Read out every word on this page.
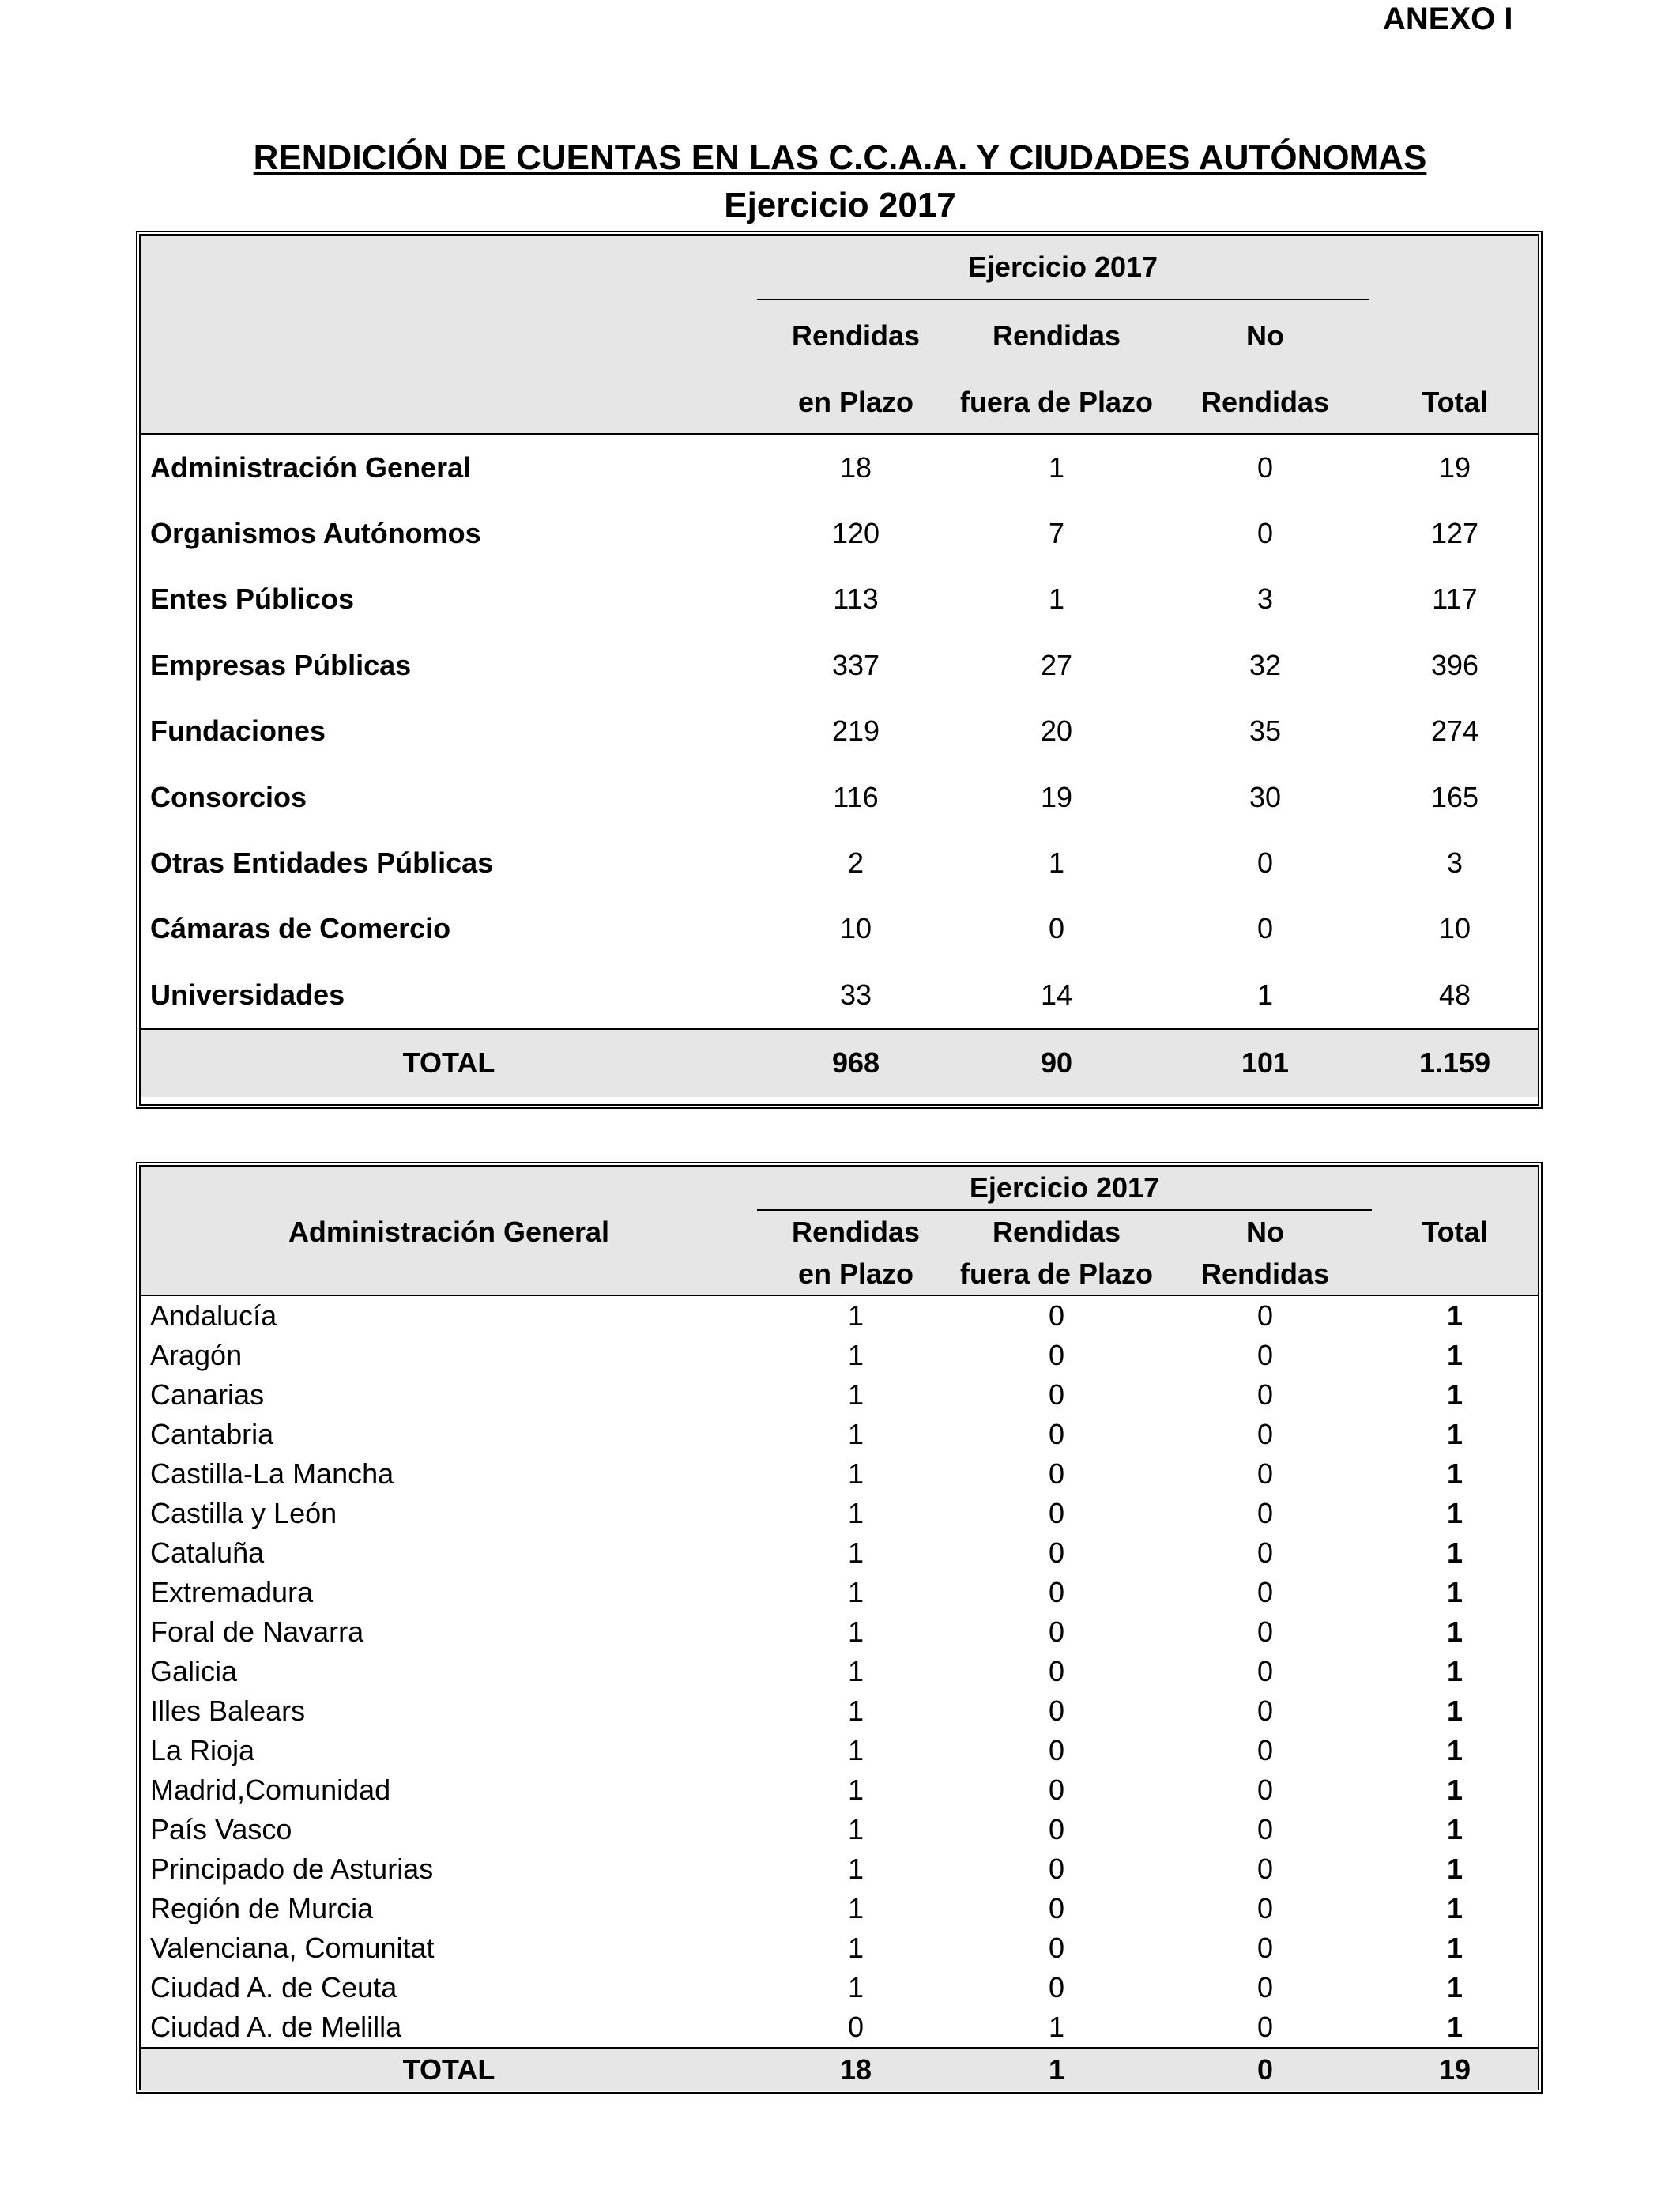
ANEXO I
RENDICIÓN DE CUENTAS EN LAS C.C.A.A. Y CIUDADES AUTÓNOMAS
Ejercicio 2017

	Ejercicio 2017			

	Rendidas	Rendidas	No	
	en Plazo	fuera de Plazo	Rendidas	Total
Administración General	18	1	0	19
Organismos Autónomos	120	7	0	127
Entes Públicos	113	1	3	117
Empresas Públicas	337	27	32	396
Fundaciones	219	20	35	274
Consorcios	116	19	30	165
Otras Entidades Públicas	2	1	0	3
Cámaras de Comercio	10	0	0	10
Universidades	33	14	1	48
TOTAL	968	90	101	1.159

	Ejercicio 2017			

Administración General	Rendidas	Rendidas	No	Total
	en Plazo	fuera de Plazo	Rendidas	
Andalucía	1	0	0	1
Aragón	1	0	0	1
Canarias	1	0	0	1
Cantabria	1	0	0	1
Castilla-La Mancha	1	0	0	1
Castilla y León	1	0	0	1
Cataluña	1	0	0	1
Extremadura	1	0	0	1
Foral de Navarra	1	0	0	1
Galicia	1	0	0	1
Illes Balears	1	0	0	1
La Rioja	1	0	0	1
Madrid,Comunidad	1	0	0	1
País Vasco	1	0	0	1
Principado de Asturias	1	0	0	1
Región de Murcia	1	0	0	1
Valenciana, Comunitat	1	0	0	1
Ciudad A. de Ceuta	1	0	0	1
Ciudad A. de Melilla	0	1	0	1
TOTAL	18	1	0	19
